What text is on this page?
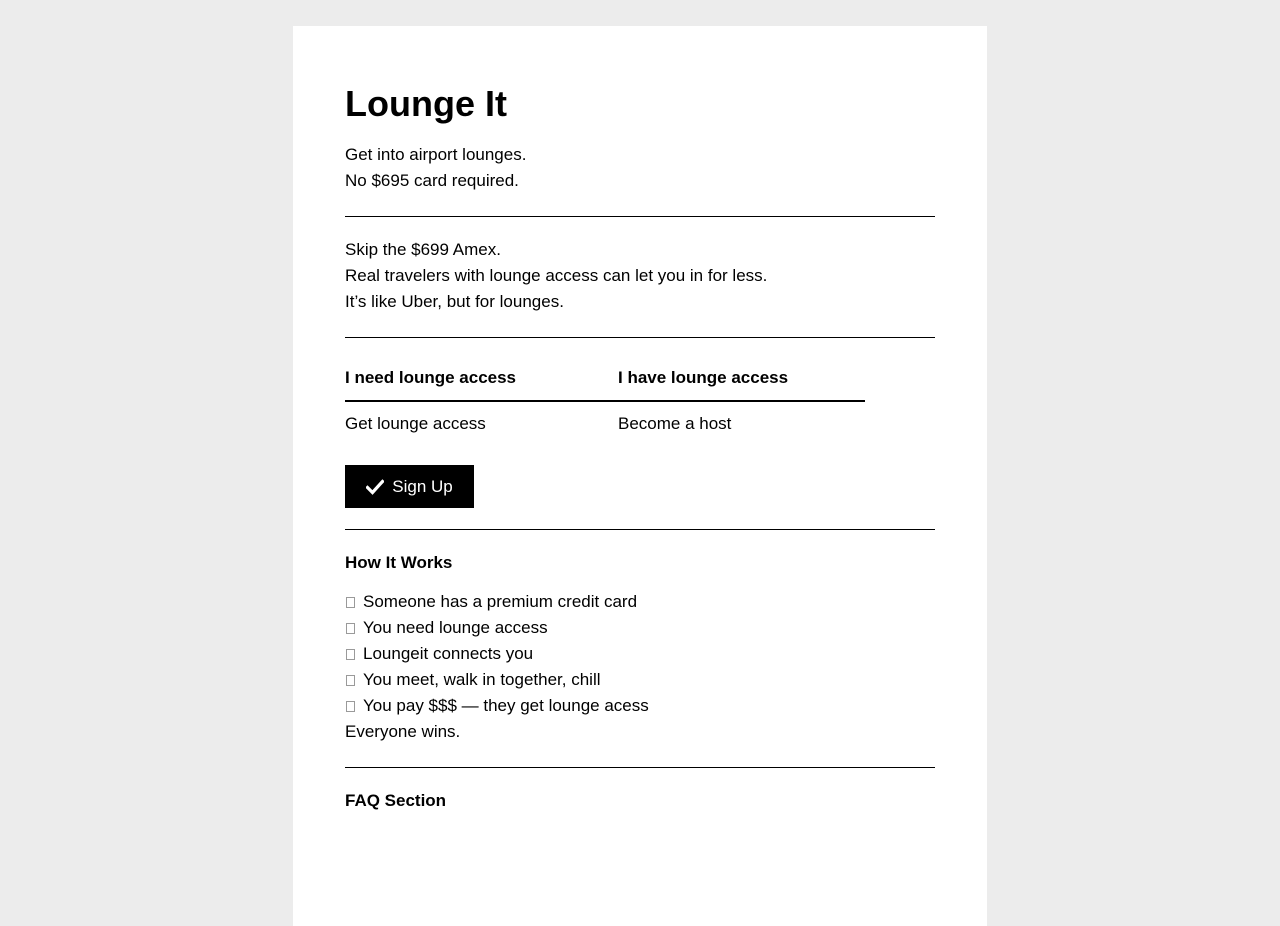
Lounge It
Get into airport lounges.
No $695 card required.
Skip the $699 Amex.
Real travelers with lounge access can let you in for less.
It’s like Uber, but for lounges.
I need lounge access	I have lounge access
Get lounge access	Become a host
Sign Up
How It Works
Someone has a premium credit card
You need lounge access
Loungeit connects you
You meet, walk in together, chill
You pay $$$ — they get lounge acess
Everyone wins.
FAQ Section
